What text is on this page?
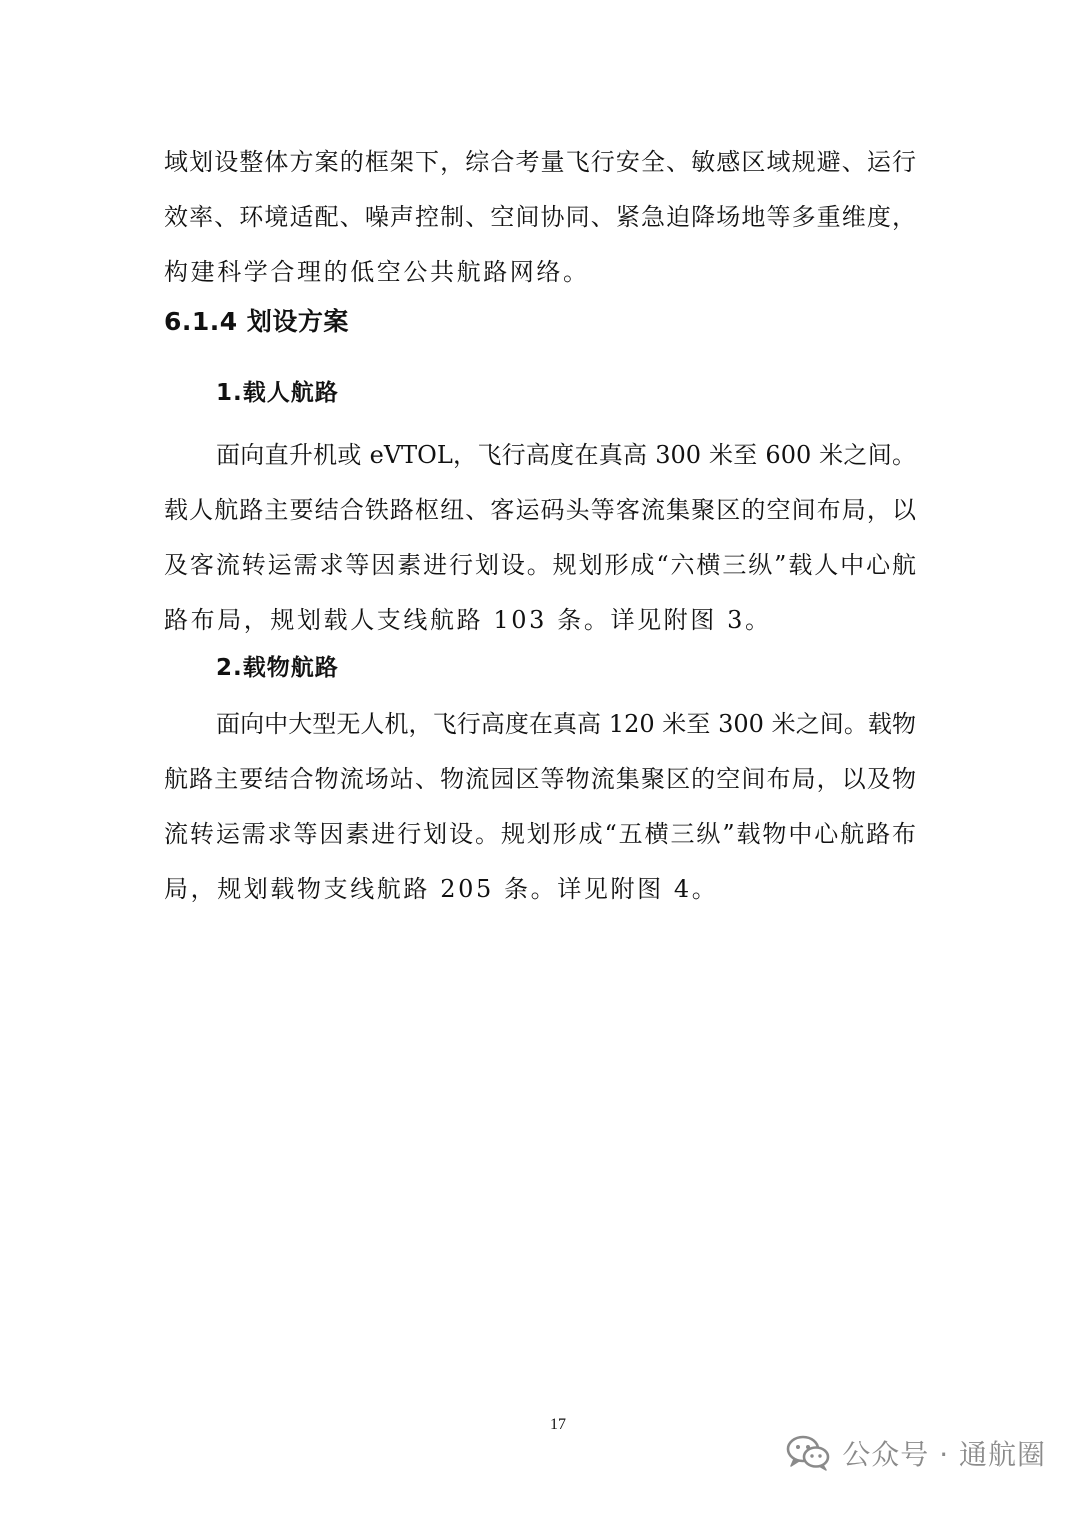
域划设整体方案的框架下，综合考量飞行安全、敏感区域规避、运行
效率、环境适配、噪声控制、空间协同、紧急迫降场地等多重维度，
构建科学合理的低空公共航路网络。
6.1.4 划设方案
1.载人航路
面向直升机或 eVTOL，飞行高度在真高 300 米至 600 米之间。
载人航路主要结合铁路枢纽、客运码头等客流集聚区的空间布局，以
及客流转运需求等因素进行划设。规划形成“六横三纵”载人中心航
路布局，规划载人支线航路 103 条。详见附图 3。
2.载物航路
面向中大型无人机，飞行高度在真高 120 米至 300 米之间。载物
航路主要结合物流场站、物流园区等物流集聚区的空间布局，以及物
流转运需求等因素进行划设。规划形成“五横三纵”载物中心航路布
局，规划载物支线航路 205 条。详见附图 4。
17
公众号 · 通航圈
